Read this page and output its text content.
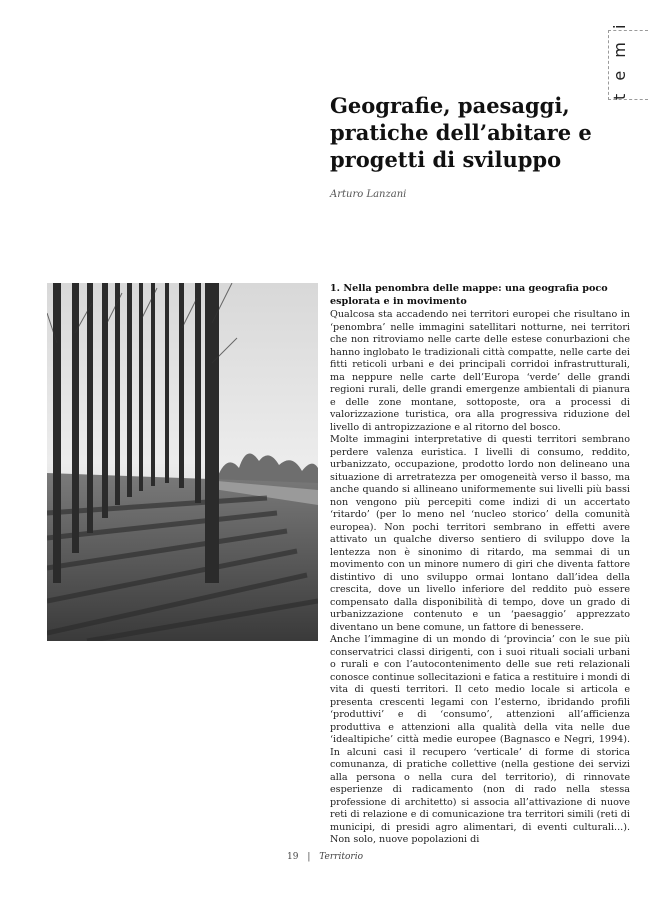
t e m i
Geografie, paesaggi, pratiche dell’abitare e progetti di sviluppo
Arturo Lanzani

1. Nella penombra delle mappe: una geografia poco esplorata e in movimento

Qualcosa sta accadendo nei territori europei che risultano in ‘penombra’ nelle immagini satellitari notturne, nei territori che non ritroviamo nelle carte delle estese conurbazioni che hanno inglobato le tradizionali città compatte, nelle carte dei fitti reticoli urbani e dei principali corridoi infrastrutturali, ma neppure nelle carte dell’Europa ‘verde’ delle grandi regioni rurali, delle grandi emergenze ambientali di pianura e delle zone montane, sottoposte, ora a processi di valorizzazione turistica, ora alla progressiva riduzione del livello di antropizzazione e al ritorno del bosco.

Molte immagini interpretative di questi territori sembrano perdere valenza euristica. I livelli di consumo, reddito, urbanizzato, occupazione, prodotto lordo non delineano una situazione di arretratezza per omogeneità verso il basso, ma anche quando si allineano uniformemente sui livelli più bassi non vengono più percepiti come indizi di un accertato ‘ritardo’ (per lo meno nel ‘nucleo storico’ della comunità europea). Non pochi territori sembrano in effetti avere attivato un qualche diverso sentiero di sviluppo dove la lentezza non è sinonimo di ritardo, ma semmai di un movimento con un minore numero di giri che diventa fattore distintivo di uno sviluppo ormai lontano dall’idea della crescita, dove un livello inferiore del reddito può essere compensato dalla disponibilità di tempo, dove un grado di urbanizzazione contenuto e un ‘paesaggio’ apprezzato diventano un bene comune, un fattore di benessere.

Anche l’immagine di un mondo di ‘provincia’ con le sue più conservatrici classi dirigenti, con i suoi rituali sociali urbani o rurali e con l’autocontenimento delle sue reti relazionali conosce continue sollecitazioni e fatica a restituire i mondi di vita di questi territori. Il ceto medio locale si articola e presenta crescenti legami con l’esterno, ibridando profili ‘produttivi’ e di ‘consumo’, attenzioni all’afficienza produttiva e attenzioni alla qualità della vita nelle due ‘idealtipiche’ città medie europee (Bagnasco e Negri, 1994). In alcuni casi il recupero ‘verticale’ di forme di storica comunanza, di pratiche collettive (nella gestione dei servizi alla persona o nella cura del territorio), di rinnovate esperienze di radicamento (non di rado nella stessa professione di architetto) si associa all’attivazione di nuove reti di relazione e di comunicazione tra territori simili (reti di municipi, di presidi agro alimentari, di eventi culturali...). Non solo, nuove popolazioni di

19 | Territorio
